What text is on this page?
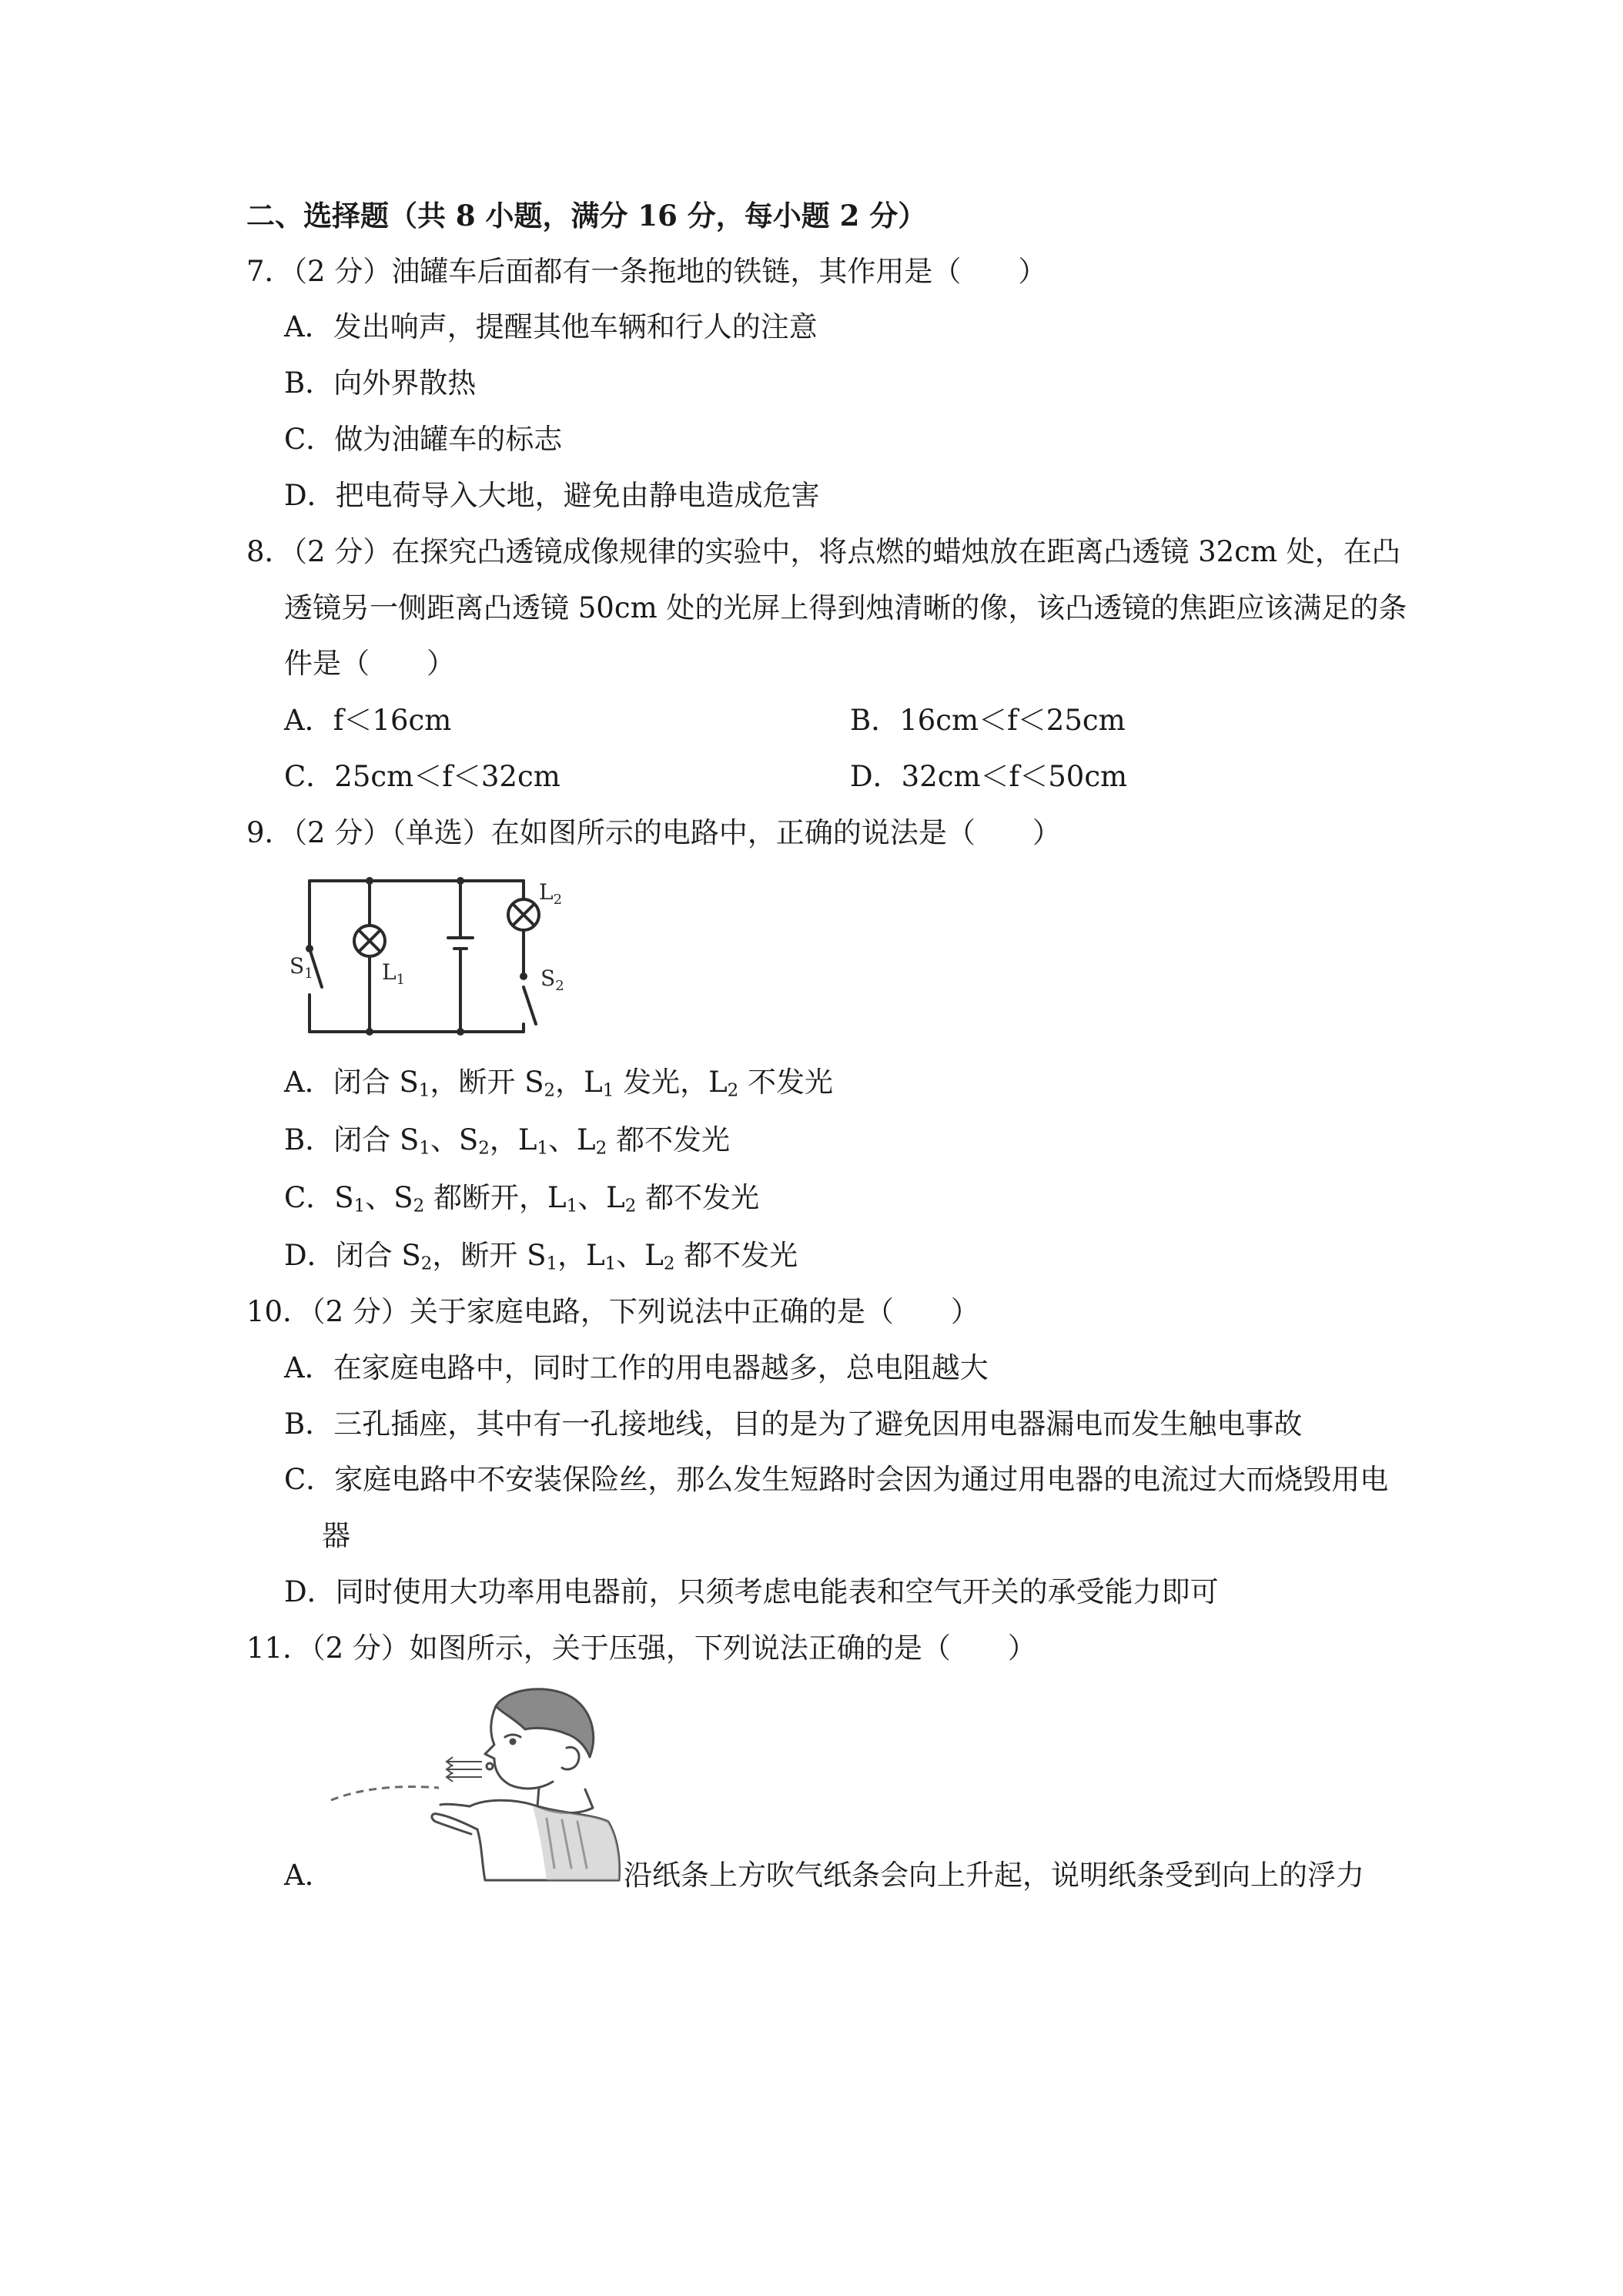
二、选择题（共 8 小题，满分 16 分，每小题 2 分）
7．（2 分）油罐车后面都有一条拖地的铁链，其作用是（　　）
A．发出响声，提醒其他车辆和行人的注意
B．向外界散热
C．做为油罐车的标志
D．把电荷导入大地，避免由静电造成危害
8．（2 分）在探究凸透镜成像规律的实验中，将点燃的蜡烛放在距离凸透镜 32cm 处，在凸
透镜另一侧距离凸透镜 50cm 处的光屏上得到烛清晰的像，该凸透镜的焦距应该满足的条
件是（　　）
A．f＜16cm	B．16cm＜f＜25cm
C．25cm＜f＜32cm	D．32cm＜f＜50cm
9．（2 分）（单选）在如图所示的电路中，正确的说法是（　　）
$S_1$	$L_1$
$L_2$
$S_2$
A．闭合 $S_1$，断开 $S_2$，$L_1$ 发光，$L_2$ 不发光
B．闭合 $S_1$、$S_2$，$L_1$、$L_2$ 都不发光
C．$S_1$、$S_2$ 都断开，$L_1$、$L_2$ 都不发光
D．闭合 $S_2$，断开 $S_1$，$L_1$、$L_2$ 都不发光
10．（2 分）关于家庭电路，下列说法中正确的是（　　）
A．在家庭电路中，同时工作的用电器越多，总电阻越大
B．三孔插座，其中有一孔接地线，目的是为了避免因用电器漏电而发生触电事故
C．家庭电路中不安装保险丝，那么发生短路时会因为通过用电器的电流过大而烧毁用电
器
D．同时使用大功率用电器前，只须考虑电能表和空气开关的承受能力即可
11．（2 分）如图所示，关于压强，下列说法正确的是（　　）
A．	沿纸条上方吹气纸条会向上升起，说明纸条受到向上的浮力
